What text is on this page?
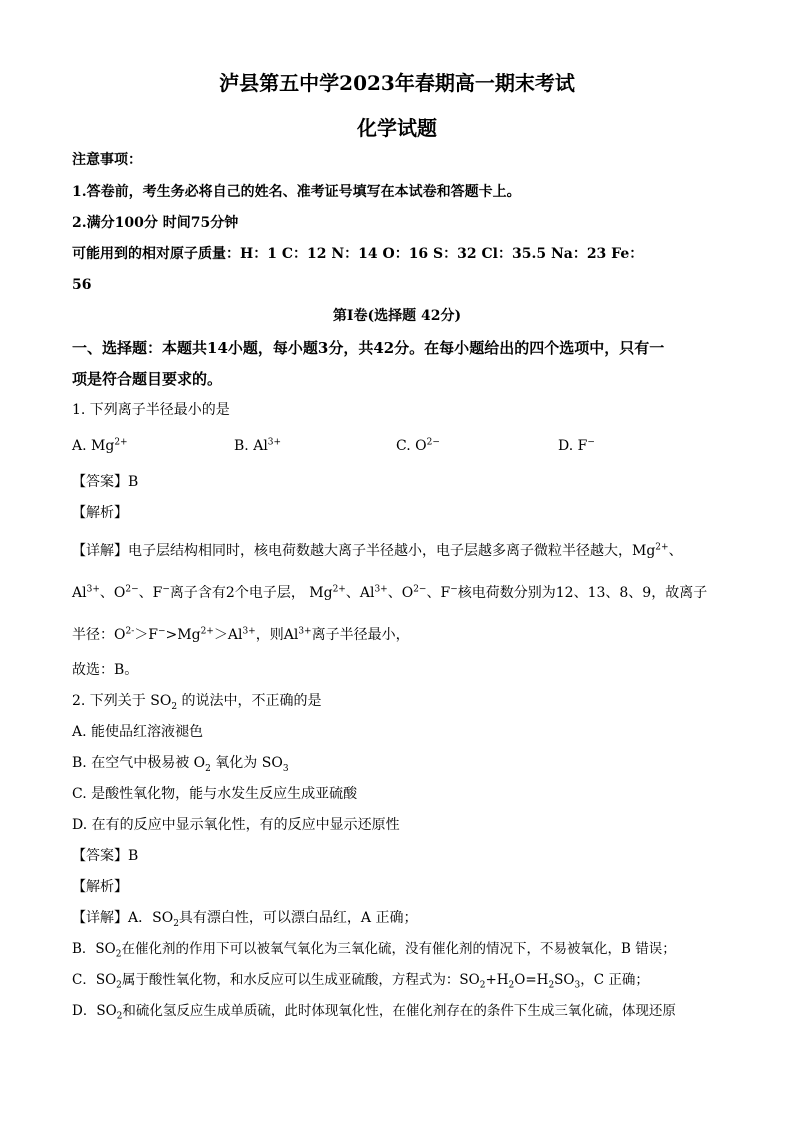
泸县第五中学2023年春期高一期末考试
化学试题
注意事项：
1.答卷前，考生务必将自己的姓名、准考证号填写在本试卷和答题卡上。
2.满分100分 时间75分钟
可能用到的相对原子质量：H：1 C：12 N：14 O：16 S：32 Cl：35.5 Na：23 Fe：
56
第I卷(选择题 42分)
一、选择题：本题共14小题，每小题3分，共42分。在每小题给出的四个选项中，只有一
项是符合题目要求的。
1. 下列离子半径最小的是
A. $Mg^{2+}$	B. $Al^{3+}$	C. $O^{2-}$	D. F−
【答案】B
【解析】
【详解】电子层结构相同时，核电荷数越大离子半径越小，电子层越多离子微粒半径越大，$Mg^{2+}$、
$Al^{3+}$、$O^{2-}$、F−离子含有2个电子层， $Mg^{2+}$、$Al^{3+}$、$O^{2-}$、F−核电荷数分别为12、13、8、9，故离子
半径：$O^{2-}>F^->Mg^{2+}>Al^{3+}$，则$Al^{3+}$离子半径最小，
故选：B。
2. 下列关于 $SO_2$ 的说法中，不正确的是
A. 能使品红溶液褪色
B. 在空气中极易被 $O_2$ 氧化为 $SO_3$
C. 是酸性氧化物，能与水发生反应生成亚硫酸
D. 在有的反应中显示氧化性，有的反应中显示还原性
【答案】B
【解析】
【详解】A．$SO_2$具有漂白性，可以漂白品红，A 正确；
B．$SO_2$在催化剂的作用下可以被氧气氧化为三氧化硫，没有催化剂的情况下，不易被氧化，B 错误；
C．$SO_2$属于酸性氧化物，和水反应可以生成亚硫酸，方程式为：$SO_2+H_2O=H_2SO_3$，C 正确；
D．$SO_2$和硫化氢反应生成单质硫，此时体现氧化性，在催化剂存在的条件下生成三氧化硫，体现还原
